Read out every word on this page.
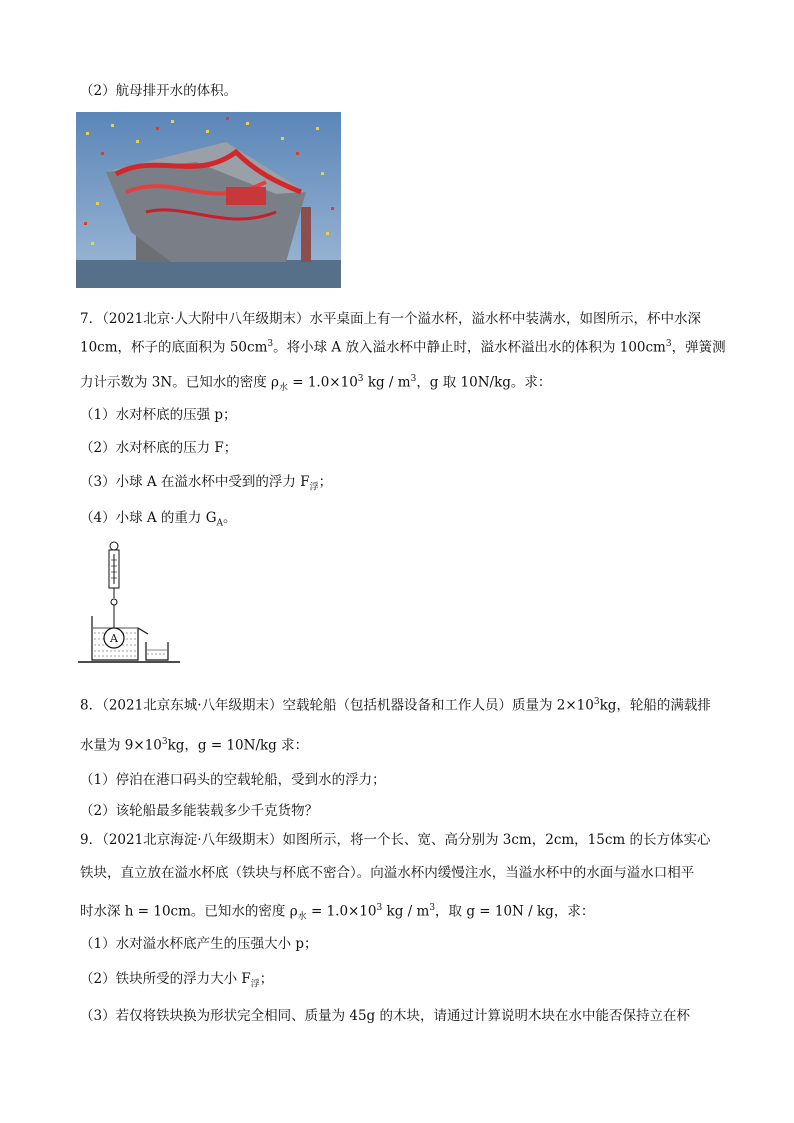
（2）航母排开水的体积。
7．（2021北京·人大附中八年级期末）水平桌面上有一个溢水杯，溢水杯中装满水，如图所示，杯中水深
10cm，杯子的底面积为 $50cm^3$。将小球 A 放入溢水杯中静止时，溢水杯溢出水的体积为 $100cm^3$，弹簧测
力计示数为 3N。已知水的密度 $\rho_水 = 1.0\times 10^3$ kg / $m^3$，g 取 10N/kg。求：
（1）水对杯底的压强 p；
（2）水对杯底的压力 F；
（3）小球 A 在溢水杯中受到的浮力 $F_浮$；
（4）小球 A 的重力 $G_A$。
A
8．（2021北京东城·八年级期末）空载轮船（包括机器设备和工作人员）质量为 $2\times 10^3kg$，轮船的满载排
水量为 $9\times 10^3kg$，g = 10N/kg 求：
（1）停泊在港口码头的空载轮船，受到水的浮力；
（2）该轮船最多能装载多少千克货物？
9．（2021北京海淀·八年级期末）如图所示，将一个长、宽、高分别为 3cm，2cm，15cm 的长方体实心
铁块，直立放在溢水杯底（铁块与杯底不密合）。向溢水杯内缓慢注水，当溢水杯中的水面与溢水口相平
时水深 h = 10cm。已知水的密度 $\rho_水 = 1.0\times 10^3$ kg / $m^3$，取 g = 10N / kg，求：
（1）水对溢水杯底产生的压强大小 p；
（2）铁块所受的浮力大小 $F_浮$；
（3）若仅将铁块换为形状完全相同、质量为 45g 的木块，请通过计算说明木块在水中能否保持立在杯
